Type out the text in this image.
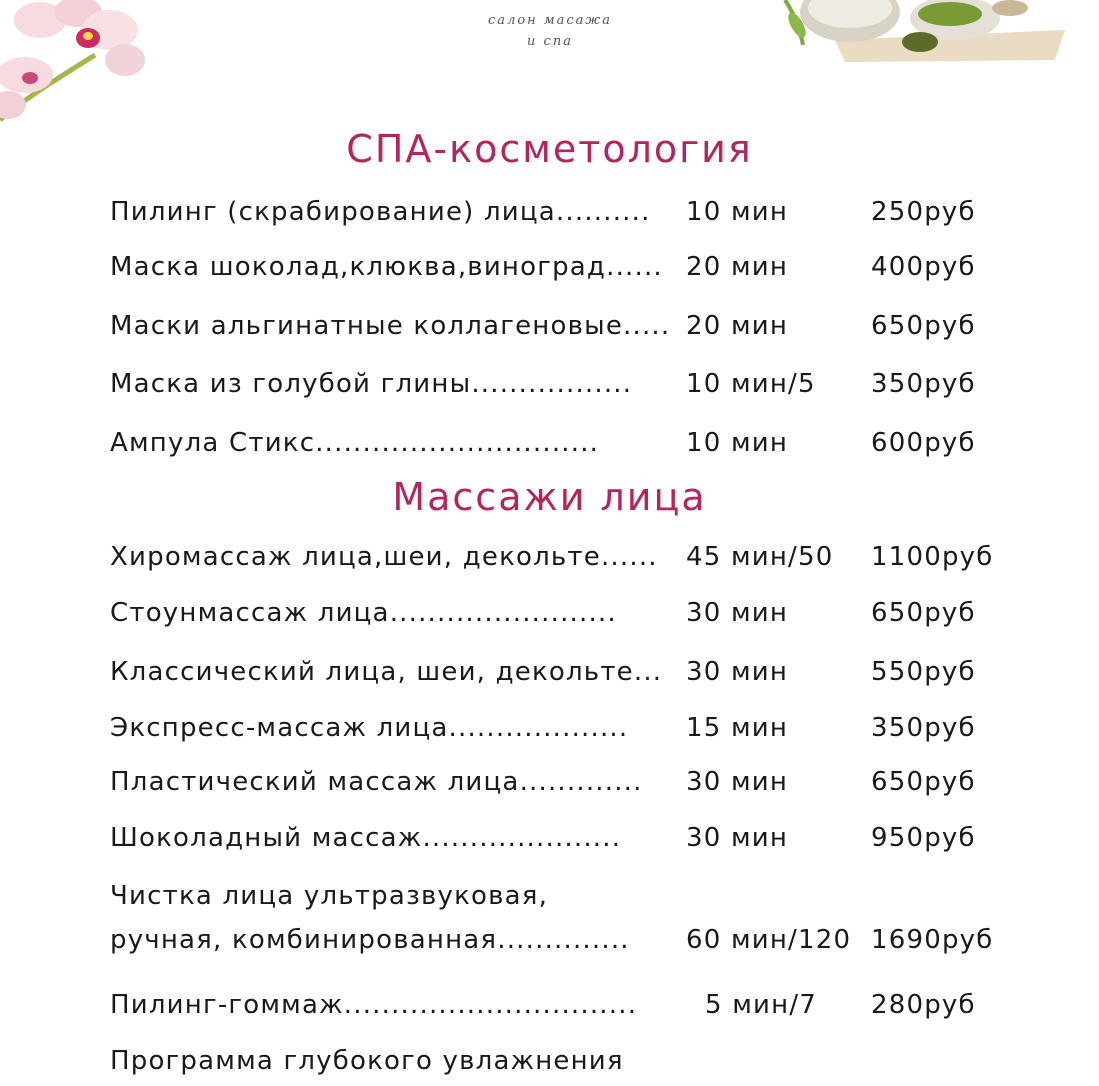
салон масажа
и спа
СПА-косметология
Пилинг (скрабирование) лица.......... 10 мин	250руб
Маска шоколад,клюква,виноград...... 20 мин	400руб
Маски альгинатные коллагеновые..... 20 мин	650руб
Маска из голубой глины................. 10 мин/5 350руб
Ампула Стикс..............................	10 мин	600руб
Массажи лица
Хиромассаж лица,шеи, декольте...... 45 мин/50 1100руб
Стоунмассаж лица........................	30 мин	650руб
Классический лица, шеи, декольте... 30 мин	550руб
Экспресс-массаж лица................... 15 мин	350руб
Пластический массаж лица............. 30 мин	650руб
Шоколадный массаж..................... 30 мин	950руб
Чистка лица ультразвуковая,
ручная, комбинированная.............. 60 мин/120 1690руб
Пилинг-гоммаж...............................	5 мин/7 280руб
Программа глубокого увлажнения
